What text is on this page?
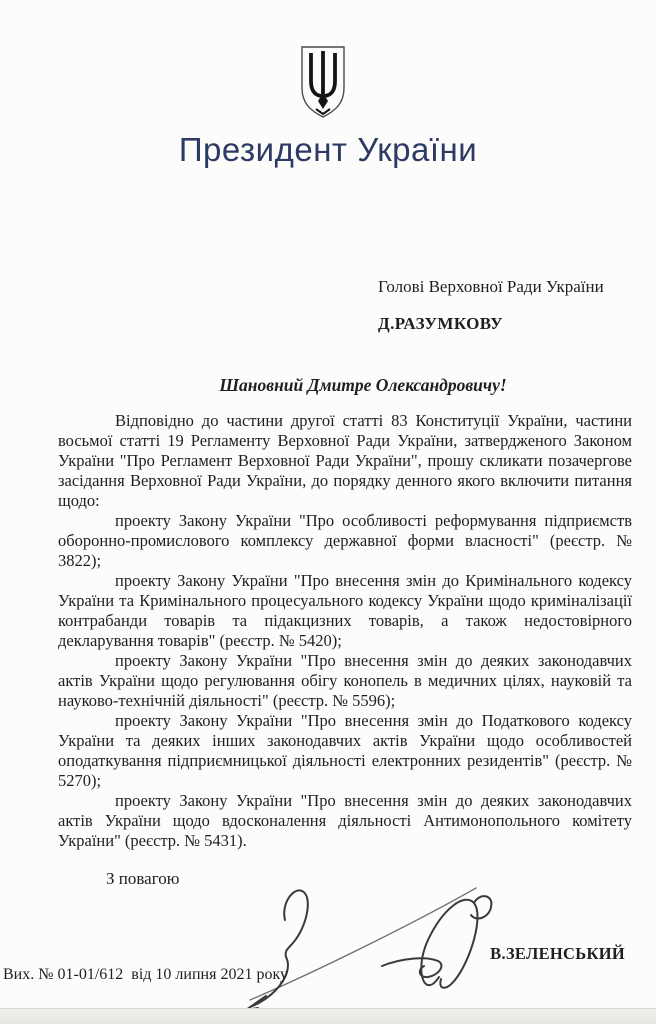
Президент України
Голові Верховної Ради України
Д.РАЗУМКОВУ
Шановний Дмитре Олександровичу!

Відповідно до частини другої статті 83 Конституції України, частини восьмої статті 19 Регламенту Верховної Ради України, затвердженого Законом України "Про Регламент Верховної Ради України", прошу скликати позачергове засідання Верховної Ради України, до порядку денного якого включити питання щодо:

проекту Закону України "Про особливості реформування підприємств оборонно-промислового комплексу державної форми власності" (реєстр. № 3822);

проекту Закону України "Про внесення змін до Кримінального кодексу України та Кримінального процесуального кодексу України щодо криміналізації контрабанди товарів та підакцизних товарів, а також недостовірного декларування товарів" (реєстр. № 5420);

проекту Закону України "Про внесення змін до деяких законодавчих актів України щодо регулювання обігу конопель в медичних цілях, науковій та науково-технічній діяльності" (реєстр. № 5596);

проекту Закону України "Про внесення змін до Податкового кодексу України та деяких інших законодавчих актів України щодо особливостей оподаткування підприємницької діяльності електронних резидентів" (реєстр. № 5270);

проекту Закону України "Про внесення змін до деяких законодавчих актів України щодо вдосконалення діяльності Антимонопольного комітету України" (реєстр. № 5431).

З повагою
В.ЗЕЛЕНСЬКИЙ
Вих. № 01-01/612  від 10 липня 2021 року
